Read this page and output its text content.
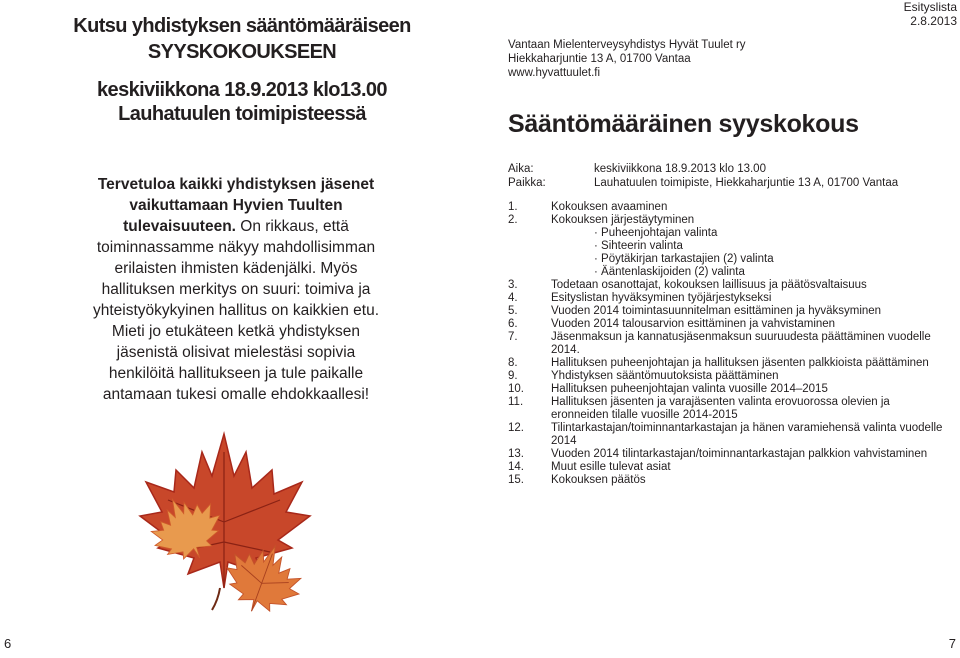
Kutsu yhdistyksen sääntömääräiseen
SYYSKOKOUKSEEN
keskiviikkona 18.9.2013 klo13.00
Lauhatuulen toimipisteessä
Tervetuloa kaikki yhdistyksen jäsenet vaikuttamaan Hyvien Tuulten tulevaisuuteen. On rikkaus, että toiminnassamme näkyy mahdollisimman erilaisten ihmisten kädenjälki. Myös hallituksen merkitys on suuri: toimiva ja yhteistyökykyinen hallitus on kaikkien etu. Mieti jo etukäteen ketkä yhdistyksen jäsenistä olisivat mielestäsi sopivia henkilöitä hallitukseen ja tule paikalle antamaan tukesi omalle ehdokkaallesi!
6
Esityslista
2.8.2013
Vantaan Mielenterveysyhdistys Hyvät Tuulet ry
Hiekkaharjuntie 13 A, 01700 Vantaa
www.hyvattuulet.fi
Sääntömääräinen syyskokous
Aika:	keskiviikkona 18.9.2013 klo 13.00
Paikka:	Lauhatuulen toimipiste, Hiekkaharjuntie 13 A, 01700 Vantaa
1.	Kokouksen avaaminen
2.	Kokouksen järjestäytyminen
· Puheenjohtajan valinta
· Sihteerin valinta
· Pöytäkirjan tarkastajien (2) valinta
· Ääntenlaskijoiden (2) valinta
3.	Todetaan osanottajat, kokouksen laillisuus ja päätösvaltaisuus
4.	Esityslistan hyväksyminen työjärjestykseksi
5.	Vuoden 2014 toimintasuunnitelman esittäminen ja hyväksyminen
6.	Vuoden 2014 talousarvion esittäminen ja vahvistaminen
7.	Jäsenmaksun ja kannatusjäsenmaksun suuruudesta päättäminen vuodelle 2014.
8.	Hallituksen puheenjohtajan ja hallituksen jäsenten palkkioista päättäminen
9.	Yhdistyksen sääntömuutoksista päättäminen
10.	Hallituksen puheenjohtajan valinta vuosille 2014–2015
11.	Hallituksen jäsenten ja varajäsenten valinta erovuorossa olevien ja eronneiden tilalle vuosille 2014-2015
12.	Tilintarkastajan/toiminnantarkastajan ja hänen varamiehensä valinta vuodelle 2014
13.	Vuoden 2014 tilintarkastajan/toiminnantarkastajan palkkion vahvistaminen
14.	Muut esille tulevat asiat
15.	Kokouksen päätös
7
